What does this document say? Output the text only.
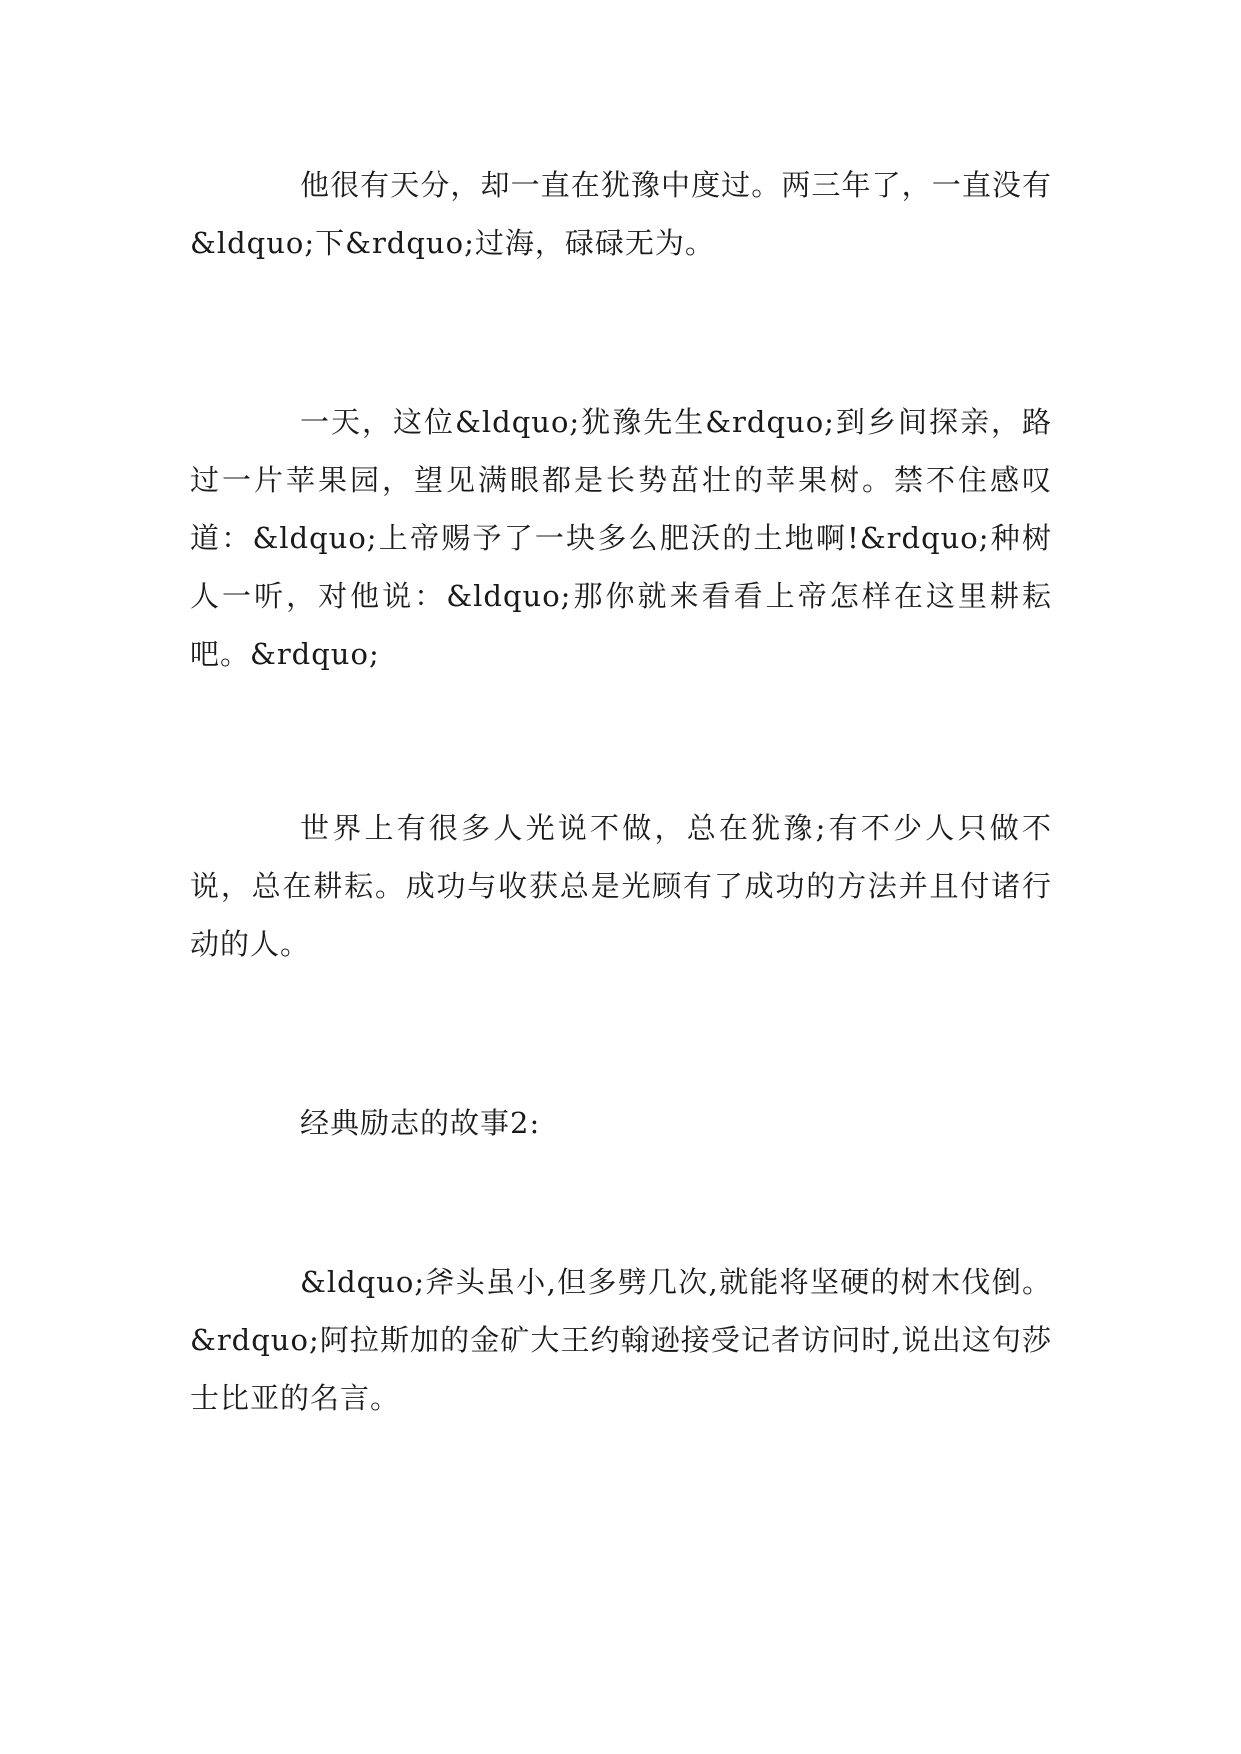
他很有天分，却一直在犹豫中度过。两三年了，一直没有&ldquo;下&rdquo;过海，碌碌无为。

一天，这位&ldquo;犹豫先生&rdquo;到乡间探亲，路过一片苹果园，望见满眼都是长势茁壮的苹果树。禁不住感叹道：&ldquo;上帝赐予了一块多么肥沃的土地啊!&rdquo;种树人一听，对他说：&ldquo;那你就来看看上帝怎样在这里耕耘吧。&rdquo;

世界上有很多人光说不做，总在犹豫;有不少人只做不说，总在耕耘。成功与收获总是光顾有了成功的方法并且付诸行动的人。

经典励志的故事2:

&ldquo;斧头虽小,但多劈几次,就能将坚硬的树木伐倒。&rdquo;阿拉斯加的金矿大王约翰逊接受记者访问时,说出这句莎士比亚的名言。
